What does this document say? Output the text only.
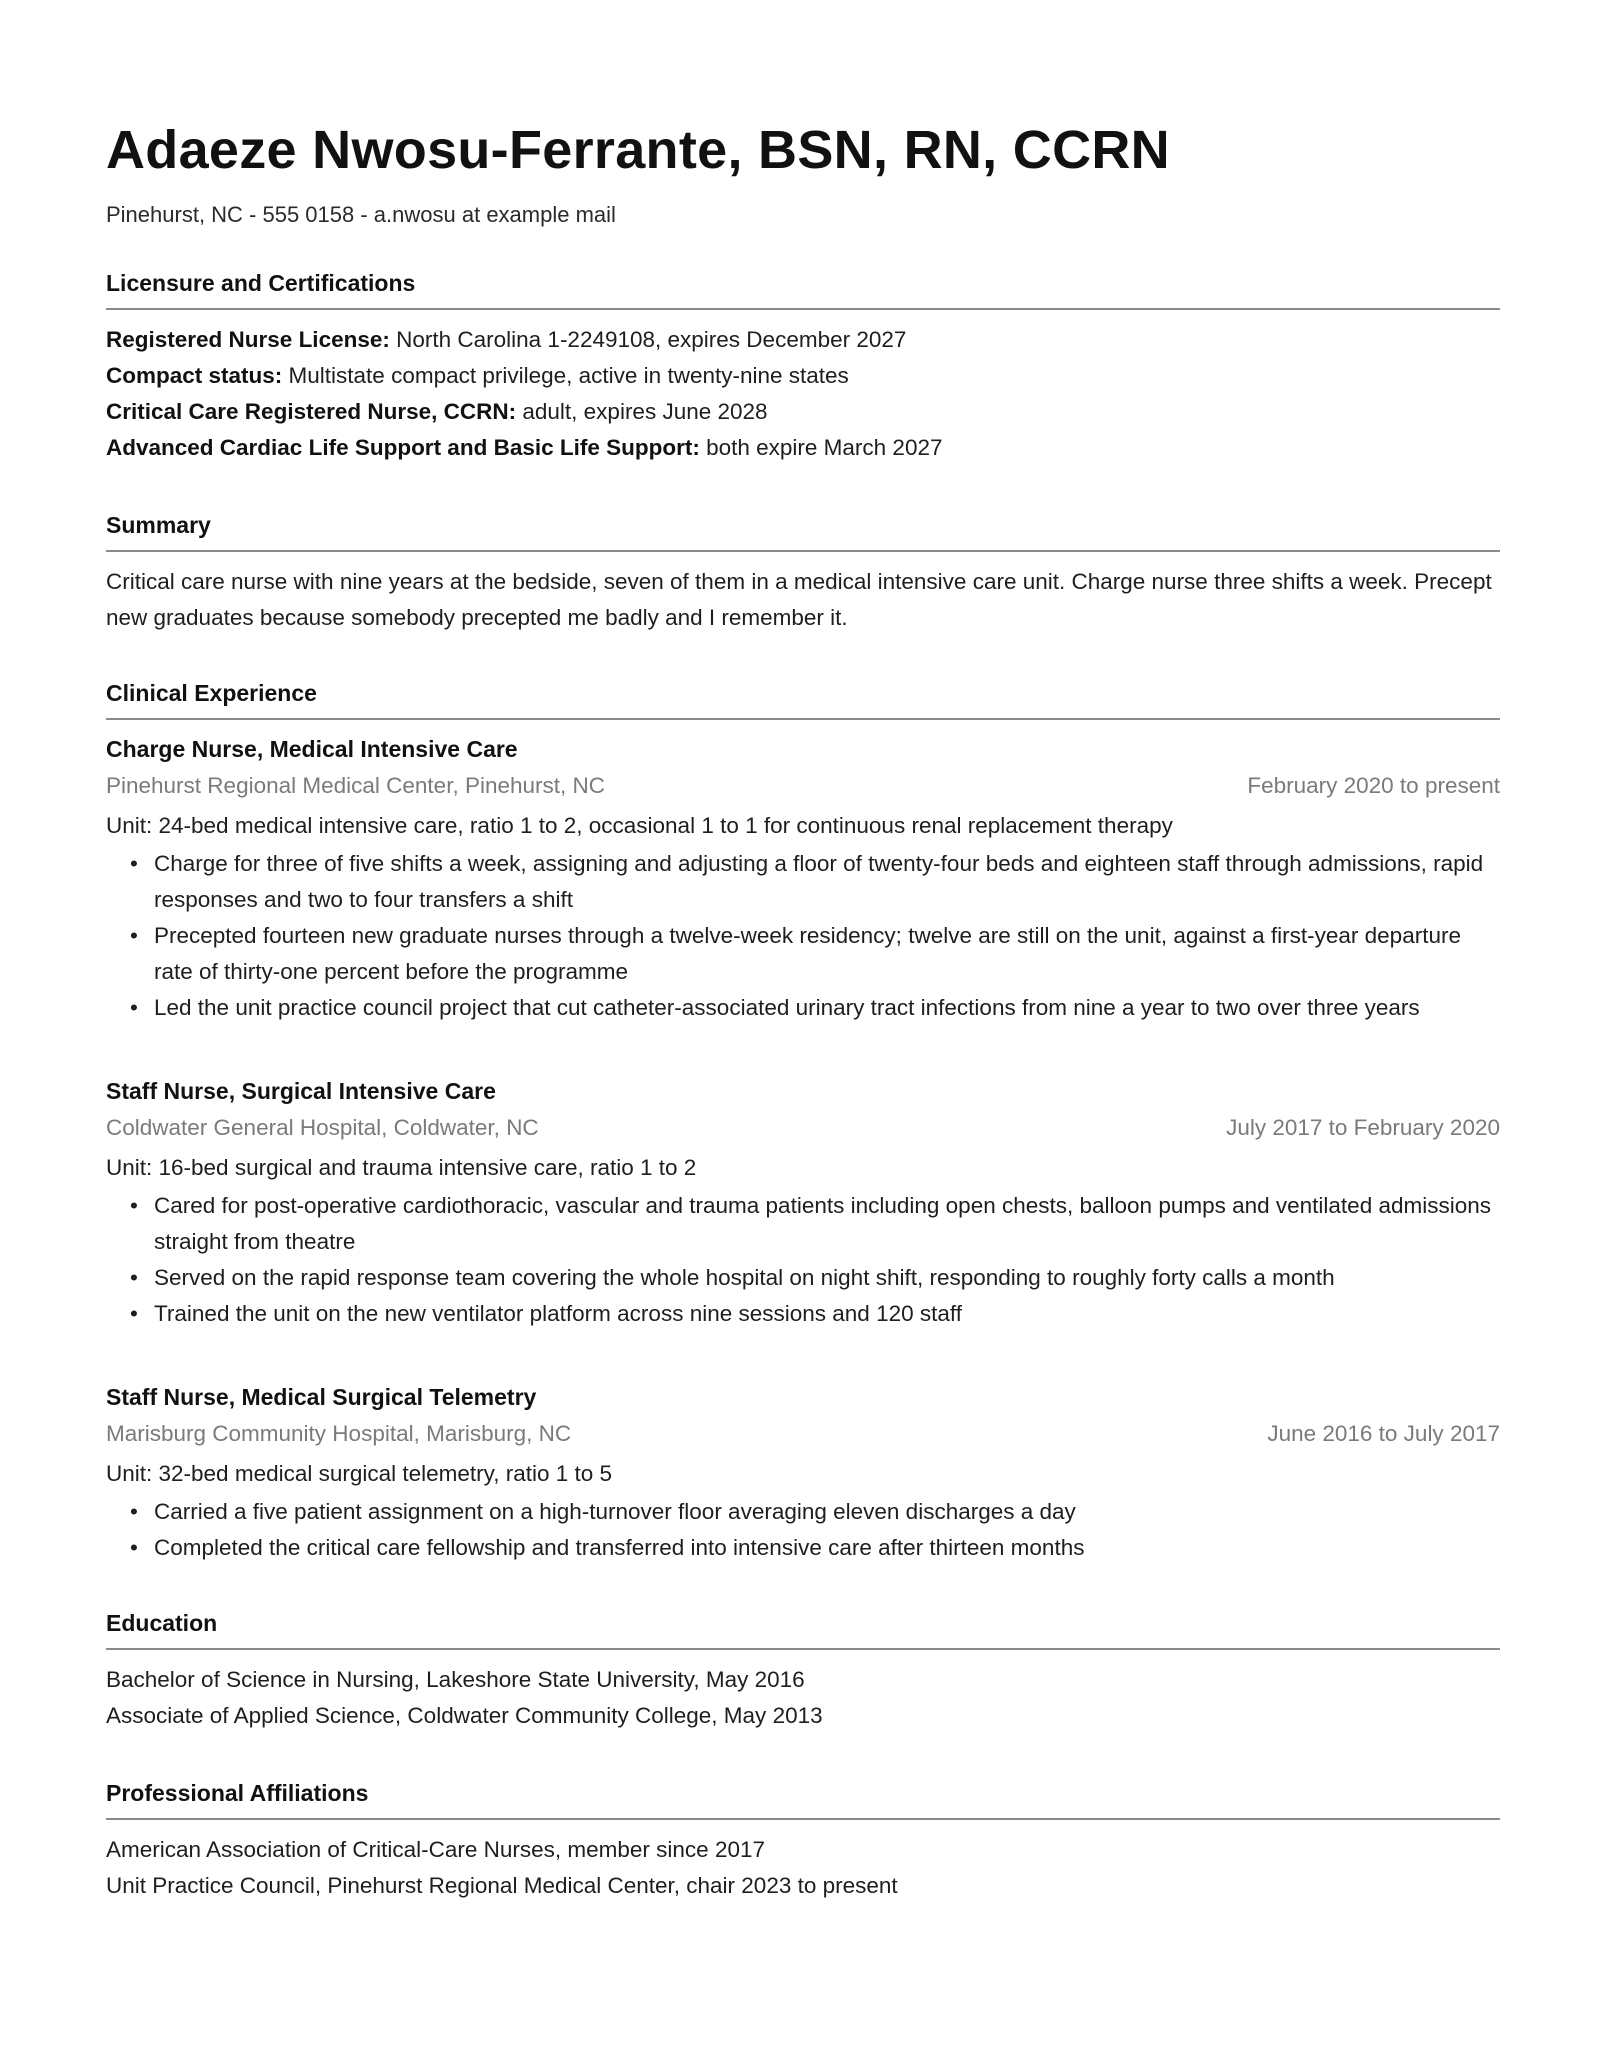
Adaeze Nwosu-Ferrante, BSN, RN, CCRN
Pinehurst, NC - 555 0158 - a.nwosu at example mail
Licensure and Certifications
Registered Nurse License: North Carolina 1-2249108, expires December 2027
Compact status: Multistate compact privilege, active in twenty-nine states
Critical Care Registered Nurse, CCRN: adult, expires June 2028
Advanced Cardiac Life Support and Basic Life Support: both expire March 2027
Summary

Critical care nurse with nine years at the bedside, seven of them in a medical intensive care unit. Charge nurse three shifts a week. Precept new graduates because somebody precepted me badly and I remember it.

Clinical Experience
Charge Nurse, Medical Intensive Care
Pinehurst Regional Medical Center, Pinehurst, NC	February 2020 to present
Unit: 24-bed medical intensive care, ratio 1 to 2, occasional 1 to 1 for continuous renal replacement therapy
• Charge for three of five shifts a week, assigning and adjusting a floor of twenty-four beds and eighteen staff through admissions, rapid responses and two to four transfers a shift
• Precepted fourteen new graduate nurses through a twelve-week residency; twelve are still on the unit, against a first-year departure rate of thirty-one percent before the programme
• Led the unit practice council project that cut catheter-associated urinary tract infections from nine a year to two over three years
Staff Nurse, Surgical Intensive Care
Coldwater General Hospital, Coldwater, NC	July 2017 to February 2020
Unit: 16-bed surgical and trauma intensive care, ratio 1 to 2
• Cared for post-operative cardiothoracic, vascular and trauma patients including open chests, balloon pumps and ventilated admissions straight from theatre
• Served on the rapid response team covering the whole hospital on night shift, responding to roughly forty calls a month
• Trained the unit on the new ventilator platform across nine sessions and 120 staff
Staff Nurse, Medical Surgical Telemetry
Marisburg Community Hospital, Marisburg, NC	June 2016 to July 2017
Unit: 32-bed medical surgical telemetry, ratio 1 to 5
• Carried a five patient assignment on a high-turnover floor averaging eleven discharges a day
• Completed the critical care fellowship and transferred into intensive care after thirteen months
Education
Bachelor of Science in Nursing, Lakeshore State University, May 2016
Associate of Applied Science, Coldwater Community College, May 2013
Professional Affiliations
American Association of Critical-Care Nurses, member since 2017
Unit Practice Council, Pinehurst Regional Medical Center, chair 2023 to present
